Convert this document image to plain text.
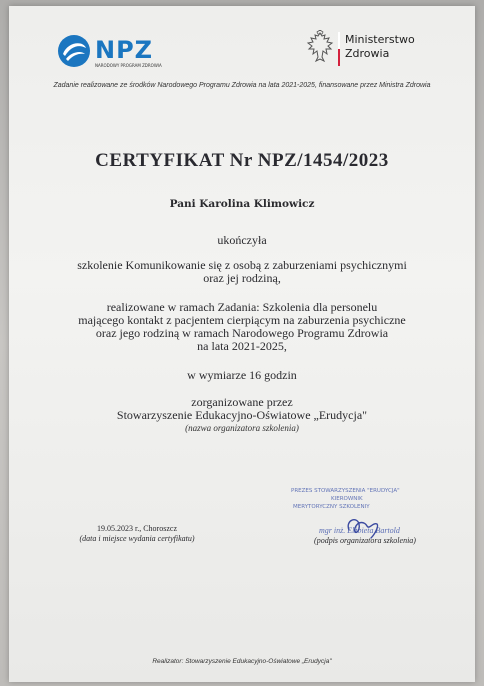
NPZ
NARODOWY PROGRAM ZDROWIA
Ministerstwo
Zdrowia
Zadanie realizowane ze środków Narodowego Programu Zdrowia na lata 2021-2025, finansowane przez Ministra Zdrowia
CERTYFIKAT Nr NPZ/1454/2023
Pani Karolina Klimowicz
ukończyła
szkolenie Komunikowanie się z osobą z zaburzeniami psychicznymi
oraz jej rodziną,
realizowane w ramach Zadania: Szkolenia dla personelu
mającego kontakt z pacjentem cierpiącym na zaburzenia psychiczne
oraz jego rodziną w ramach Narodowego Programu Zdrowia
na lata 2021-2025,
w wymiarze 16 godzin
zorganizowane przez
Stowarzyszenie Edukacyjno-Oświatowe „Erudycja"
(nazwa organizatora szkolenia)
PREZES STOWARZYSZENIA "ERUDYCJA"
KIEROWNIK
MERYTORYCZNY SZKOLENIY
mgr inż. Elżbieta Bartold
19.05.2023 r., Choroszcz
(data i miejsce wydania certyfikatu)	(podpis organizatora szkolenia)
Realizator: Stowarzyszenie Edukacyjno-Oświatowe „Erudycja"
